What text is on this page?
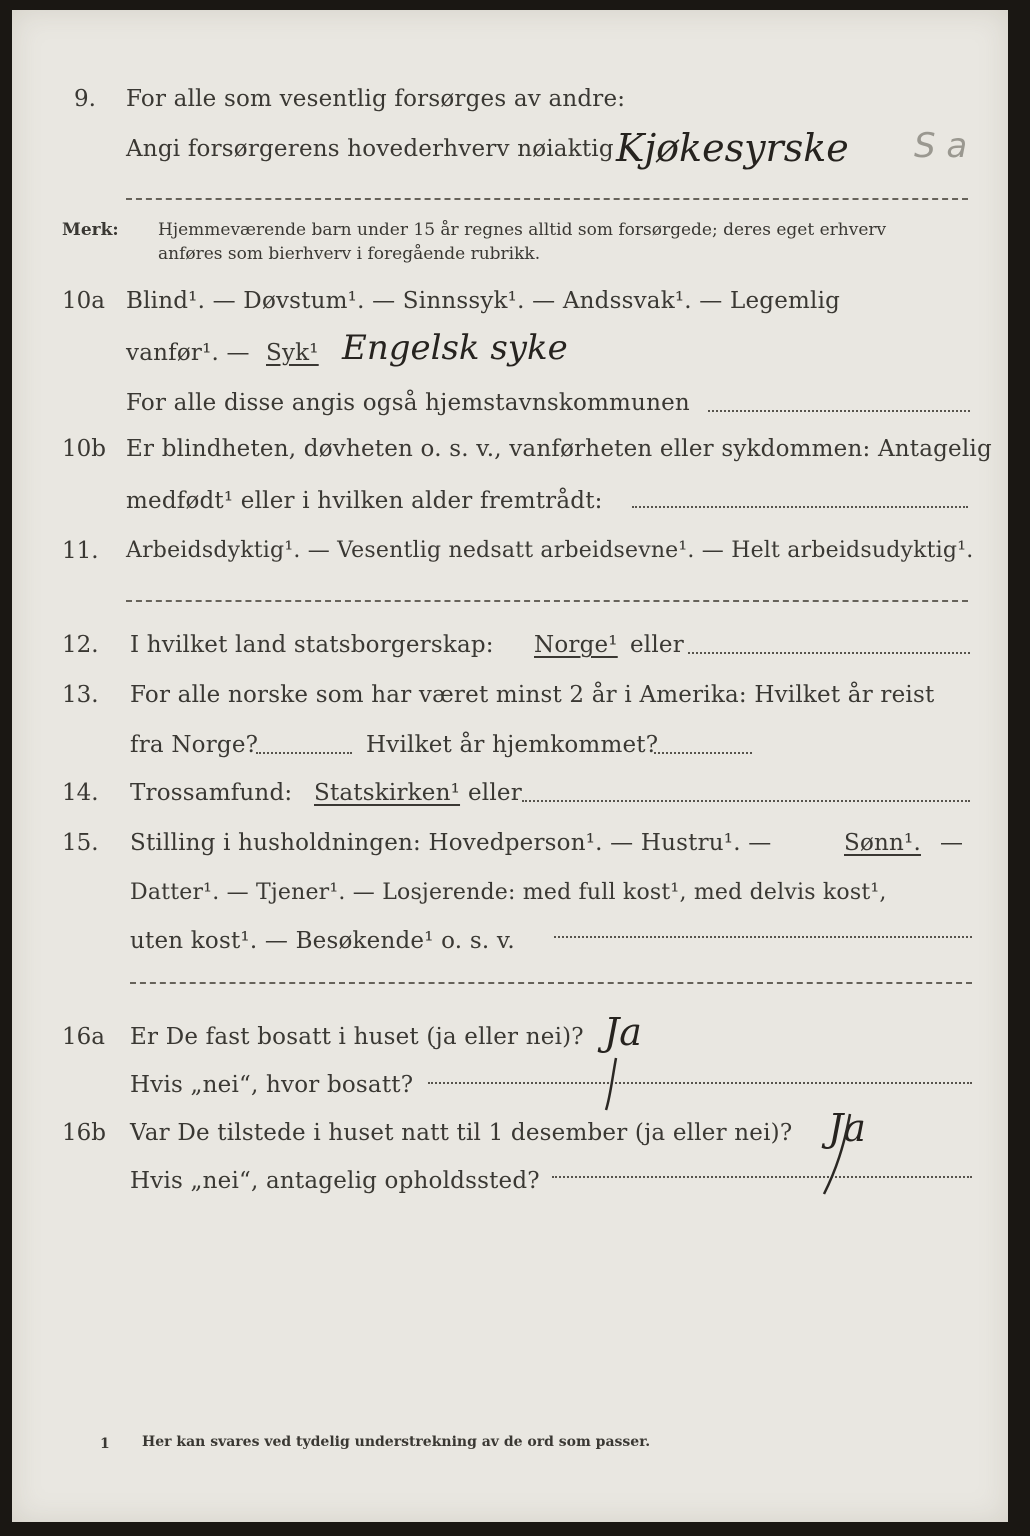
9. For alle som vesentlig forsørges av andre:
Angi forsørgerens hovederhverv nøiaktig Kjøkesyrske S a
Merk: Hjemmeværende barn under 15 år regnes alltid som forsørgede; deres eget erhverv
anføres som bierhverv i foregående rubrikk.
10a Blind¹. — Døvstum¹. — Sinnssyk¹. — Andssvak¹. — Legemlig
vanfør¹. — Syk¹ Engelsk syke
For alle disse angis også hjemstavnskommunen
10b Er blindheten, døvheten o. s. v., vanførheten eller sykdommen: Antagelig
medfødt¹ eller i hvilken alder fremtrådt:
11. Arbeidsdyktig¹. — Vesentlig nedsatt arbeidsevne¹. — Helt arbeidsudyktig¹.
12. I hvilket land statsborgerskap: Norge¹ eller
13. For alle norske som har været minst 2 år i Amerika: Hvilket år reist
fra Norge?	Hvilket år hjemkommet?
14. Trossamfund: Statskirken¹ eller
15. Stilling i husholdningen: Hovedperson¹. — Hustru¹. —	Sønn¹. —
Datter¹. — Tjener¹. — Losjerende: med full kost¹, med delvis kost¹,
uten kost¹. — Besøkende¹ o. s. v.
16a Er De fast bosatt i huset (ja eller nei)? Ja
Hvis „nei“, hvor bosatt?
16b Var De tilstede i huset natt til 1 desember (ja eller nei)? Ja
Hvis „nei“, antagelig opholdssted?
1 Her kan svares ved tydelig understrekning av de ord som passer.
